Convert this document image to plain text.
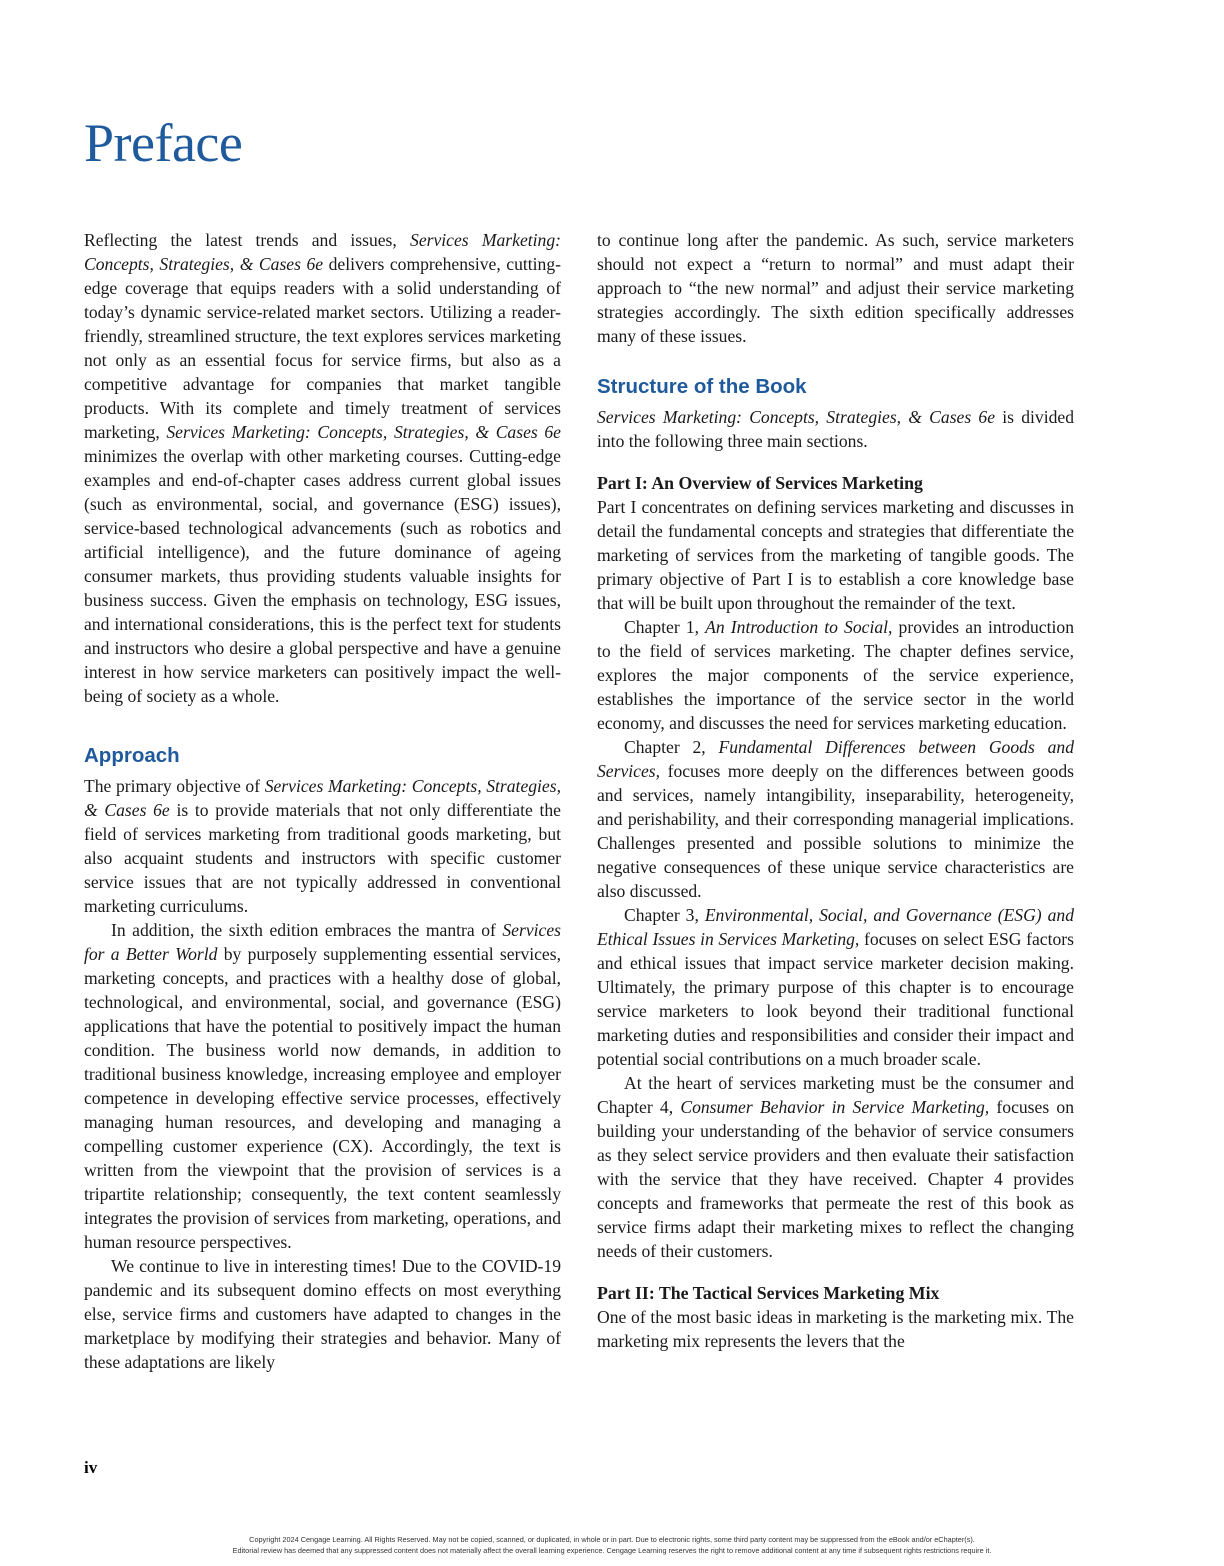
Preface

Reflecting the latest trends and issues, Services Marketing: Concepts, Strategies, & Cases 6e delivers comprehensive, cutting-edge coverage that equips readers with a solid understanding of today’s dynamic service-related market sectors. Utilizing a reader-friendly, streamlined structure, the text explores services marketing not only as an essential focus for service firms, but also as a competitive advantage for companies that market tangible products. With its complete and timely treatment of services marketing, Services Marketing: Concepts, Strategies, & Cases 6e minimizes the overlap with other marketing courses. Cutting-edge examples and end-of-chapter cases address current global issues (such as environmental, social, and governance (ESG) issues), service-based technological advancements (such as robotics and artificial intelligence), and the future dominance of ageing consumer markets, thus providing students valuable insights for business success. Given the emphasis on technology, ESG issues, and international considerations, this is the perfect text for students and instructors who desire a global perspective and have a genuine interest in how service marketers can positively impact the well-being of society as a whole.

Approach

The primary objective of Services Marketing: Concepts, Strategies, & Cases 6e is to provide materials that not only differentiate the field of services marketing from traditional goods marketing, but also acquaint students and instructors with specific customer service issues that are not typically addressed in conventional marketing curriculums.

In addition, the sixth edition embraces the mantra of Services for a Better World by purposely supplementing essential services, marketing concepts, and practices with a healthy dose of global, technological, and environmental, social, and governance (ESG) applications that have the potential to positively impact the human condition. The business world now demands, in addition to traditional business knowledge, increasing employee and employer competence in developing effective service processes, effectively managing human resources, and developing and managing a compelling customer experience (CX). Accordingly, the text is written from the viewpoint that the provision of services is a tripartite relationship; consequently, the text content seamlessly integrates the provision of services from marketing, operations, and human resource perspectives.

We continue to live in interesting times! Due to the COVID-19 pandemic and its subsequent domino effects on most everything else, service firms and customers have adapted to changes in the marketplace by modifying their strategies and behavior. Many of these adaptations are likely

to continue long after the pandemic. As such, service marketers should not expect a “return to normal” and must adapt their approach to “the new normal” and adjust their service marketing strategies accordingly. The sixth edition specifically addresses many of these issues.

Structure of the Book

Services Marketing: Concepts, Strategies, & Cases 6e is divided into the following three main sections.

Part I: An Overview of Services Marketing

Part I concentrates on defining services marketing and discusses in detail the fundamental concepts and strategies that differentiate the marketing of services from the marketing of tangible goods. The primary objective of Part I is to establish a core knowledge base that will be built upon throughout the remainder of the text.

Chapter 1, An Introduction to Social, provides an introduction to the field of services marketing. The chapter defines service, explores the major components of the service experience, establishes the importance of the service sector in the world economy, and discusses the need for services marketing education.

Chapter 2, Fundamental Differences between Goods and Services, focuses more deeply on the differences between goods and services, namely intangibility, inseparability, heterogeneity, and perishability, and their corresponding managerial implications. Challenges presented and possible solutions to minimize the negative consequences of these unique service characteristics are also discussed.

Chapter 3, Environmental, Social, and Governance (ESG) and Ethical Issues in Services Marketing, focuses on select ESG factors and ethical issues that impact service marketer decision making. Ultimately, the primary purpose of this chapter is to encourage service marketers to look beyond their traditional functional marketing duties and responsibilities and consider their impact and potential social contributions on a much broader scale.

At the heart of services marketing must be the consumer and Chapter 4, Consumer Behavior in Service Marketing, focuses on building your understanding of the behavior of service consumers as they select service providers and then evaluate their satisfaction with the service that they have received. Chapter 4 provides concepts and frameworks that permeate the rest of this book as service firms adapt their marketing mixes to reflect the changing needs of their customers.

Part II: The Tactical Services Marketing Mix

One of the most basic ideas in marketing is the marketing mix. The marketing mix represents the levers that the

iv
Copyright 2024 Cengage Learning. All Rights Reserved. May not be copied, scanned, or duplicated, in whole or in part. Due to electronic rights, some third party content may be suppressed from the eBook and/or eChapter(s).
Editorial review has deemed that any suppressed content does not materially affect the overall learning experience. Cengage Learning reserves the right to remove additional content at any time if subsequent rights restrictions require it.
